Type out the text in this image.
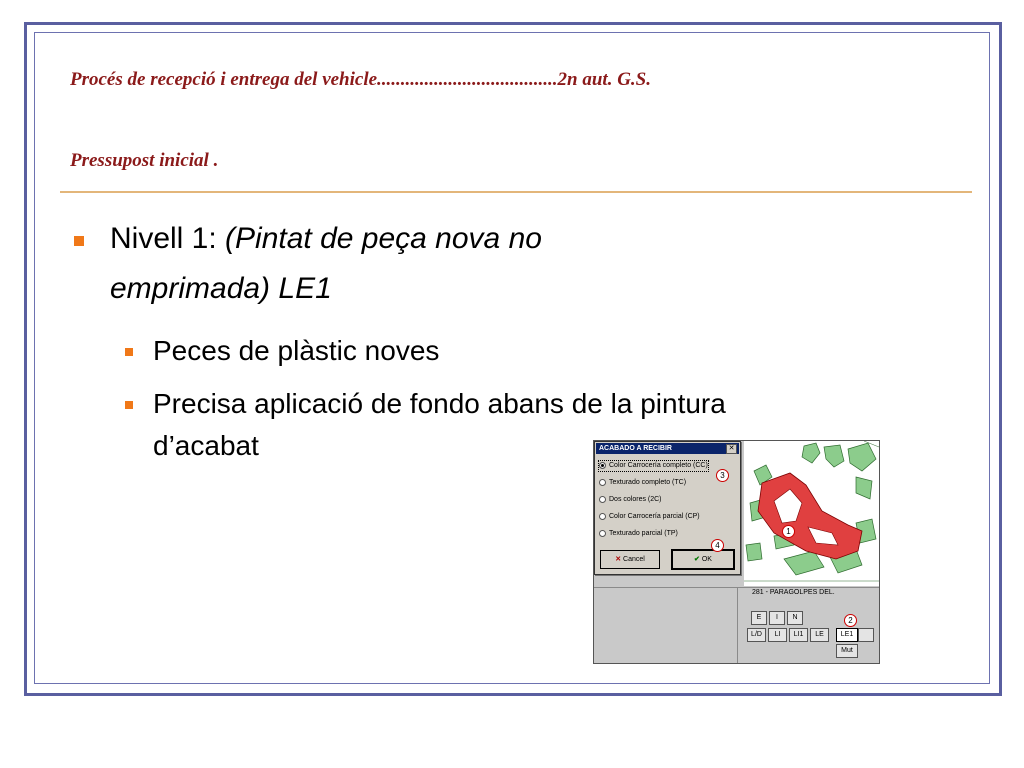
Procés de recepció i entrega del vehicle......................................2n aut. G.S.
Pressupost inicial .
Nivell 1: (Pintat de peça nova no
emprimada) LE1
Peces de plàstic noves
Precisa aplicació de fondo abans de la pintura
d’acabat
1
281 - PARAGOLPES DEL.
E	I	N
L/D	LI	LI1	LE	LE1
Mut
2
ACABADO A RECIBIR	✕
Color Carrocería completo (CC)
Texturado completo (TC)
Dos colores (2C)
Color Carrocería parcial (CP)
Texturado parcial (TP)
✕ Cancel	✔ OK
3
4
